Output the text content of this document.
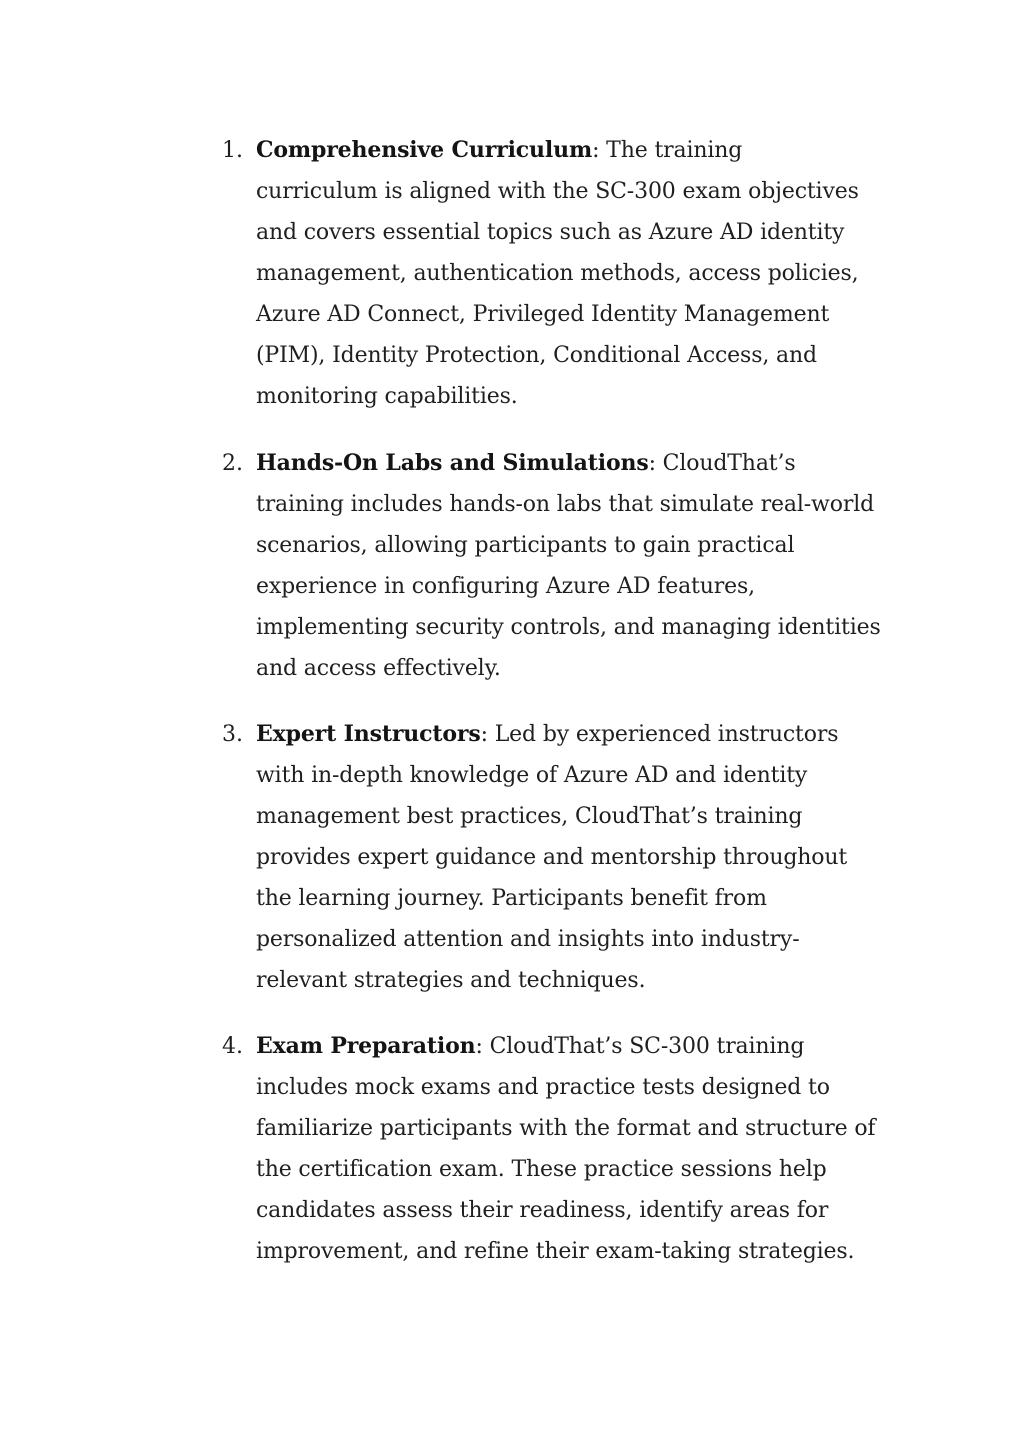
1. Comprehensive Curriculum: The training
curriculum is aligned with the SC-300 exam objectives
and covers essential topics such as Azure AD identity
management, authentication methods, access policies,
Azure AD Connect, Privileged Identity Management
(PIM), Identity Protection, Conditional Access, and
monitoring capabilities.
2. Hands-On Labs and Simulations: CloudThat’s
training includes hands-on labs that simulate real-world
scenarios, allowing participants to gain practical
experience in configuring Azure AD features,
implementing security controls, and managing identities
and access effectively.
3. Expert Instructors: Led by experienced instructors
with in-depth knowledge of Azure AD and identity
management best practices, CloudThat’s training
provides expert guidance and mentorship throughout
the learning journey. Participants benefit from
personalized attention and insights into industry-
relevant strategies and techniques.
4. Exam Preparation: CloudThat’s SC-300 training
includes mock exams and practice tests designed to
familiarize participants with the format and structure of
the certification exam. These practice sessions help
candidates assess their readiness, identify areas for
improvement, and refine their exam-taking strategies.
